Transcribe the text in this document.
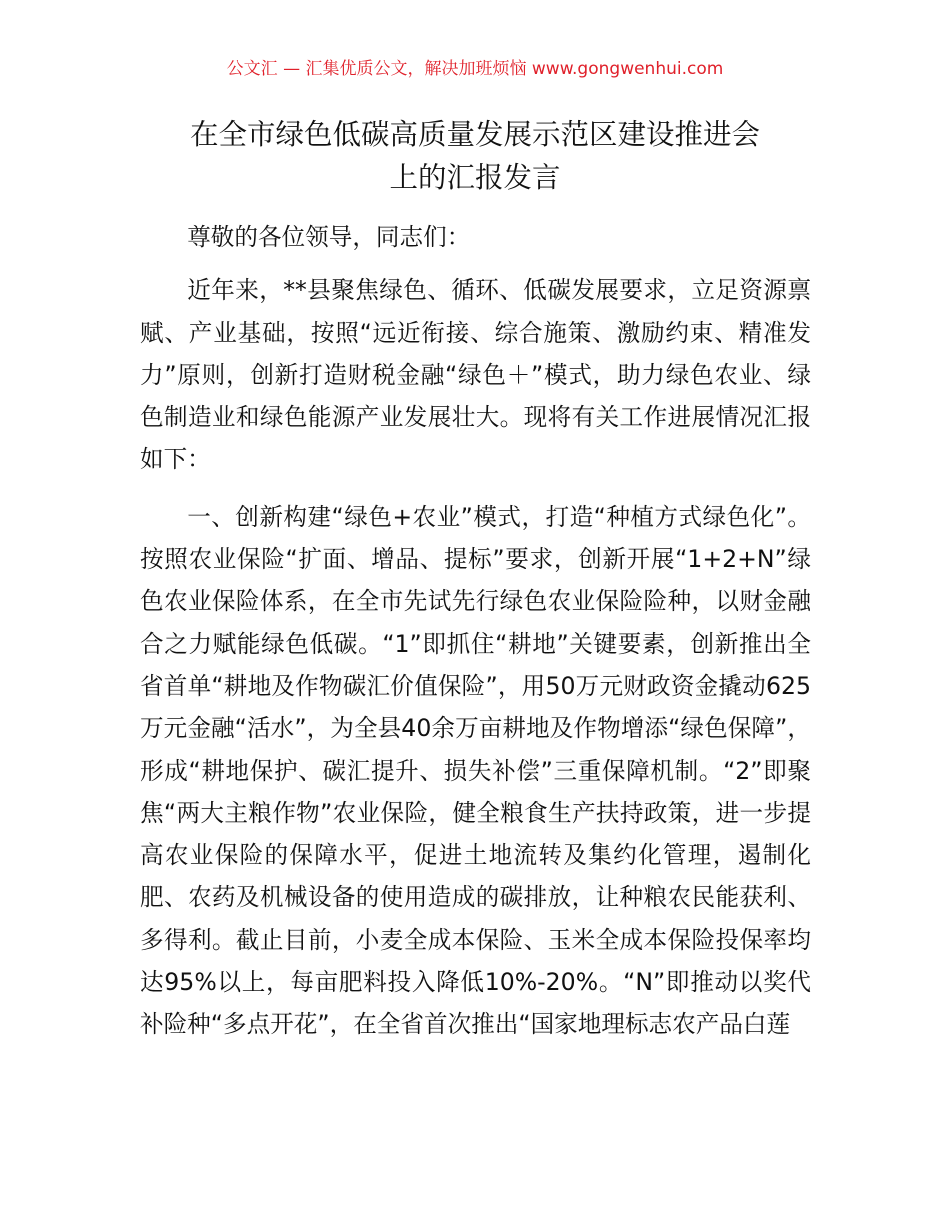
公文汇 — 汇集优质公文，解决加班烦恼 www.gongwenhui.com
在全市绿色低碳高质量发展示范区建设推进会
上的汇报发言

尊敬的各位领导，同志们：

近年来，**县聚焦绿色、循环、低碳发展要求，立足资源禀赋、产业基础，按照“远近衔接、综合施策、激励约束、精准发力”原则，创新打造财税金融“绿色＋”模式，助力绿色农业、绿色制造业和绿色能源产业发展壮大。现将有关工作进展情况汇报如下：

一、创新构建“绿色+农业”模式，打造“种植方式绿色化”。按照农业保险“扩面、增品、提标”要求，创新开展“1+2+N”绿色农业保险体系，在全市先试先行绿色农业保险险种，以财金融合之力赋能绿色低碳。“1”即抓住“耕地”关键要素，创新推出全省首单“耕地及作物碳汇价值保险”，用50万元财政资金撬动625万元金融“活水”，为全县40余万亩耕地及作物增添“绿色保障”，形成“耕地保护、碳汇提升、损失补偿”三重保障机制。“2”即聚焦“两大主粮作物”农业保险，健全粮食生产扶持政策，进一步提高农业保险的保障水平，促进土地流转及集约化管理，遏制化肥、农药及机械设备的使用造成的碳排放，让种粮农民能获利、多得利。截止目前，小麦全成本保险、玉米全成本保险投保率均达95%以上，每亩肥料投入降低10%-20%。“N”即推动以奖代补险种“多点开花”，在全省首次推出“国家地理标志农产品白莲
